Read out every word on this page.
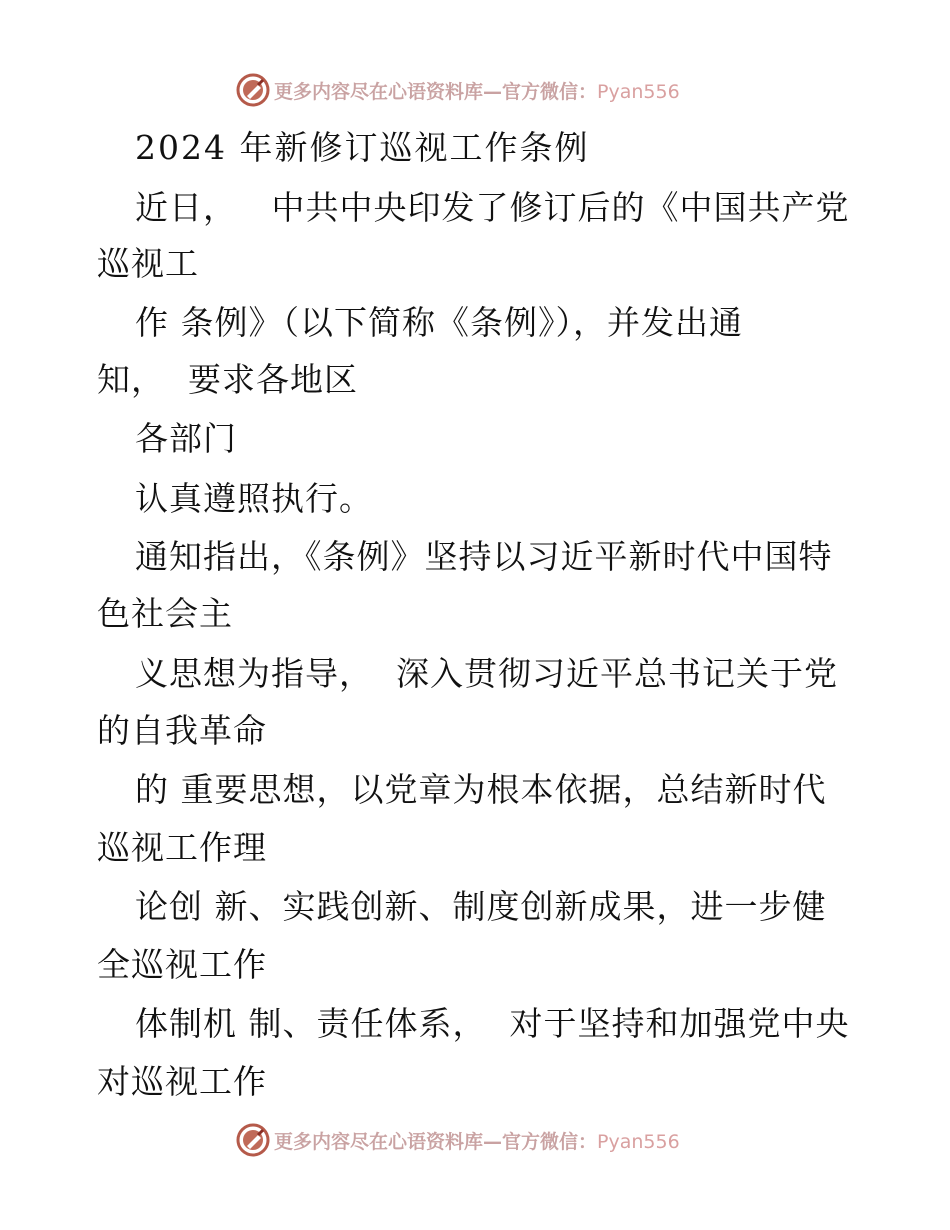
更多内容尽在心语资料库—官方微信：Pyan556
2024 年新修订巡视工作条例
近日，   中共中央印发了修订后的《中国共产党
巡视工
作 条例》（以下简称《条例》），并发出通
知，  要求各地区
各部门
认真遵照执行。
通知指出，《条例》坚持以习近平新时代中国特
色社会主
义思想为指导，  深入贯彻习近平总书记关于党
的自我革命
的 重要思想，以党章为根本依据，总结新时代
巡视工作理
论创 新、实践创新、制度创新成果，进一步健
全巡视工作
体制机 制、责任体系，  对于坚持和加强党中央
对巡视工作
更多内容尽在心语资料库—官方微信：Pyan556
